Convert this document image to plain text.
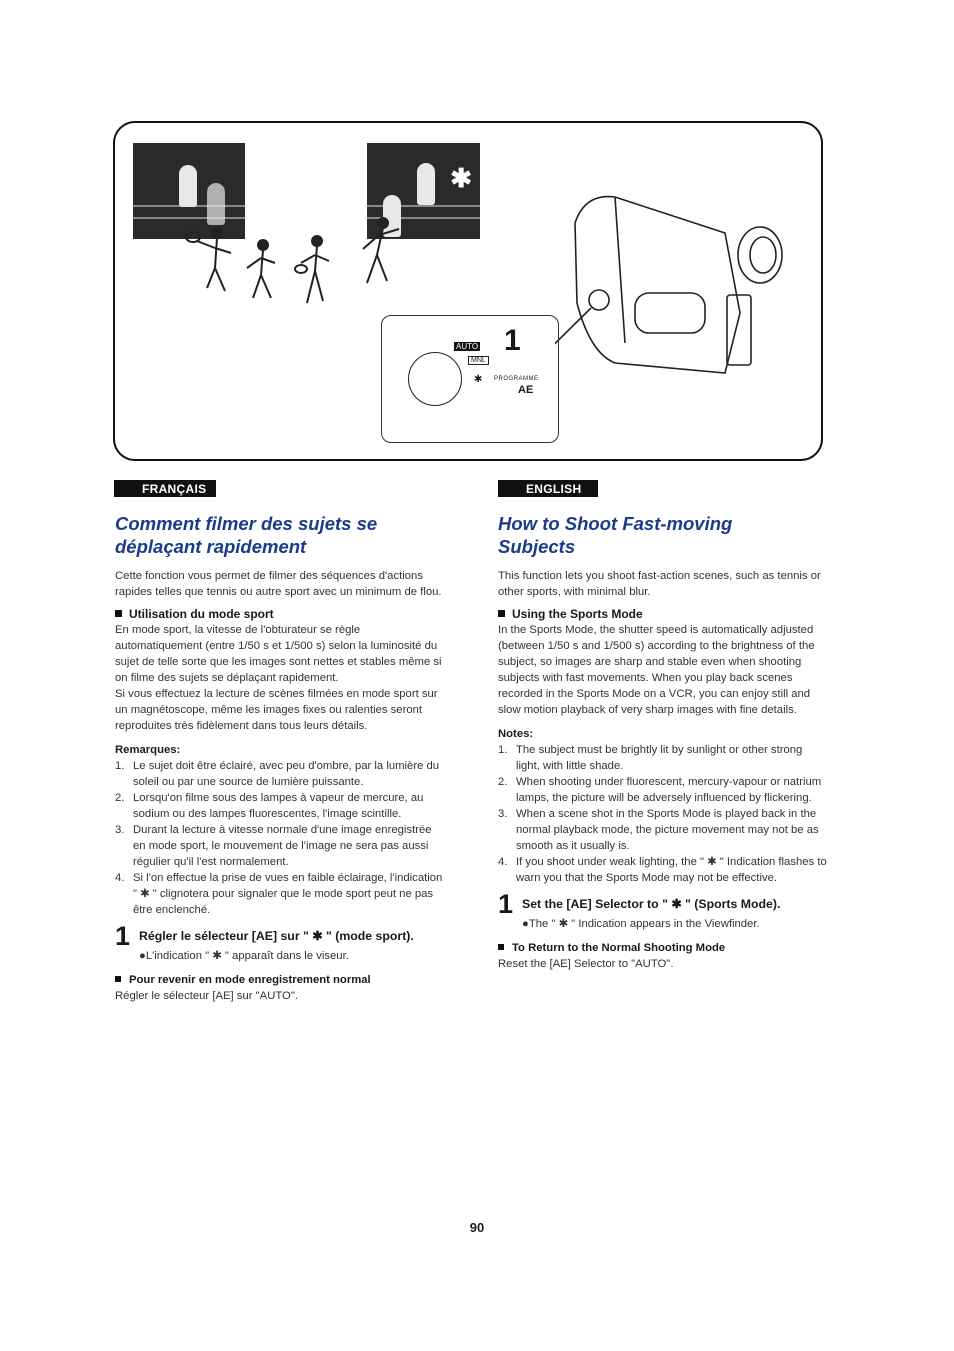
✱
1
AUTO
MNL
✱ PROGRAMME
AE
FRANÇAIS	ENGLISH
Comment filmer des sujets se déplaçant rapidement

Cette fonction vous permet de filmer des séquences d'actions rapides telles que tennis ou autre sport avec un minimum de flou.

Utilisation du mode sport

En mode sport, la vitesse de l'obturateur se règle automatiquement (entre 1/50 s et 1/500 s) selon la luminosité du sujet de telle sorte que les images sont nettes et stables même si on filme des sujets se déplaçant rapidement.

Si vous effectuez la lecture de scènes filmées en mode sport sur un magnétoscope, même les images fixes ou ralenties seront reproduites très fidèlement dans tous leurs détails.

Remarques:
1. Le sujet doit être éclairé, avec peu d'ombre, par la lumière du soleil ou par une source de lumière puissante.
2. Lorsqu'on filme sous des lampes à vapeur de mercure, au sodium ou des lampes fluorescentes, l'image scintille.
3. Durant la lecture à vitesse normale d'une image enregistrée en mode sport, le mouvement de l'image ne sera pas aussi régulier qu'il l'est normalement.
4. Si l'on effectue la prise de vues en faible éclairage, l'indication " ✱ " clignotera pour signaler que le mode sport peut ne pas être enclenché.
1 Régler le sélecteur [AE] sur " ✱ " (mode sport).
●L'indication " ✱ " apparaît dans le viseur.
Pour revenir en mode enregistrement normal

Régler le sélecteur [AE] sur "AUTO".

How to Shoot Fast-moving Subjects

This function lets you shoot fast-action scenes, such as tennis or other sports, with minimal blur.

Using the Sports Mode

In the Sports Mode, the shutter speed is automatically adjusted (between 1/50 s and 1/500 s) according to the brightness of the subject, so images are sharp and stable even when shooting subjects with fast movements. When you play back scenes recorded in the Sports Mode on a VCR, you can enjoy still and slow motion playback of very sharp images with fine details.

Notes:
1. The subject must be brightly lit by sunlight or other strong light, with little shade.
2. When shooting under fluorescent, mercury-vapour or natrium lamps, the picture will be adversely influenced by flickering.
3. When a scene shot in the Sports Mode is played back in the normal playback mode, the picture movement may not be as smooth as it usually is.
4. If you shoot under weak lighting, the " ✱ " Indication flashes to warn you that the Sports Mode may not be effective.
1 Set the [AE] Selector to " ✱ " (Sports Mode).
●The " ✱ " Indication appears in the Viewfinder.
To Return to the Normal Shooting Mode

Reset the [AE] Selector to "AUTO".

90
